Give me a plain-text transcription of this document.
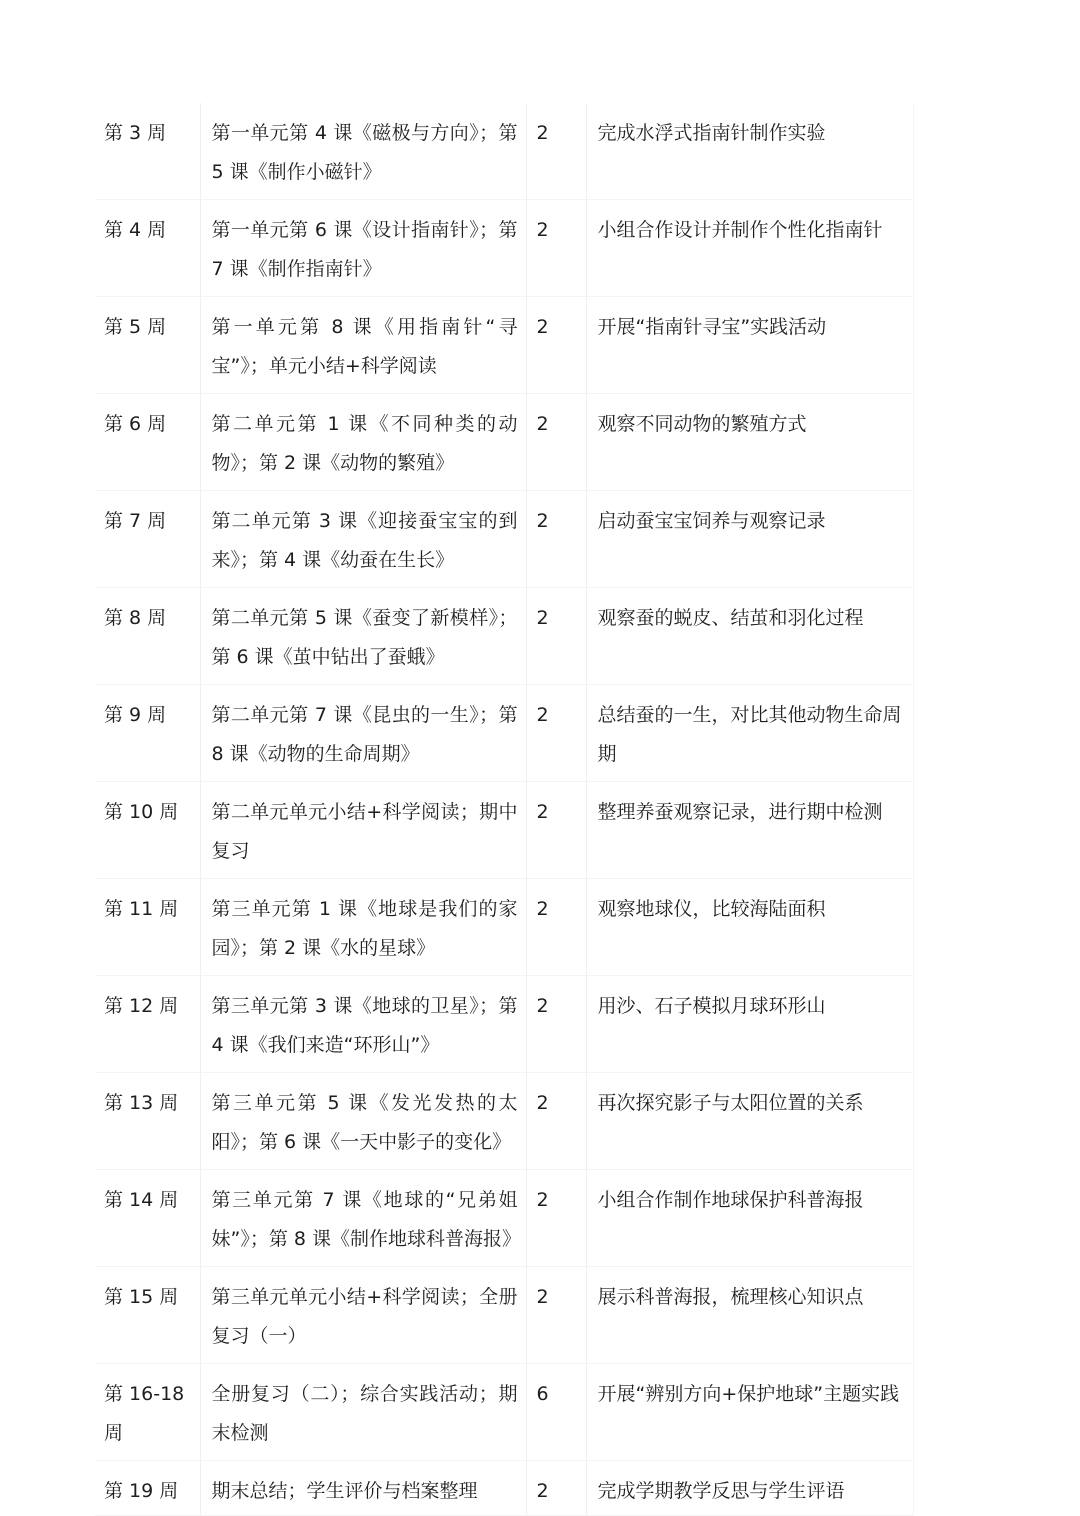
第 3 周	第一单元第 4 课《磁极与方向》；第 5 课《制作小磁针》	2	完成水浮式指南针制作实验
第 4 周	第一单元第 6 课《设计指南针》；第 7 课《制作指南针》	2	小组合作设计并制作个性化指南针
第 5 周	第一单元第 8 课《用指南针“寻宝”》；单元小结+科学阅读	2	开展“指南针寻宝”实践活动
第 6 周	第二单元第 1 课《不同种类的动物》；第 2 课《动物的繁殖》	2	观察不同动物的繁殖方式
第 7 周	第二单元第 3 课《迎接蚕宝宝的到来》；第 4 课《幼蚕在生长》	2	启动蚕宝宝饲养与观察记录
第 8 周	第二单元第 5 课《蚕变了新模样》；第 6 课《茧中钻出了蚕蛾》	2	观察蚕的蜕皮、结茧和羽化过程
第 9 周	第二单元第 7 课《昆虫的一生》；第 8 课《动物的生命周期》	2	总结蚕的一生，对比其他动物生命周期
第 10 周	第二单元单元小结+科学阅读；期中复习	2	整理养蚕观察记录，进行期中检测
第 11 周	第三单元第 1 课《地球是我们的家园》；第 2 课《水的星球》	2	观察地球仪，比较海陆面积
第 12 周	第三单元第 3 课《地球的卫星》；第 4 课《我们来造“环形山”》	2	用沙、石子模拟月球环形山
第 13 周	第三单元第 5 课《发光发热的太阳》；第 6 课《一天中影子的变化》	2	再次探究影子与太阳位置的关系
第 14 周	第三单元第 7 课《地球的“兄弟姐妹”》；第 8 课《制作地球科普海报》	2	小组合作制作地球保护科普海报
第 15 周	第三单元单元小结+科学阅读；全册复习（一）	2	展示科普海报，梳理核心知识点
第 16-18 周	全册复习（二）；综合实践活动；期末检测	6	开展“辨别方向+保护地球”主题实践
第 19 周	期末总结；学生评价与档案整理	2	完成学期教学反思与学生评语
